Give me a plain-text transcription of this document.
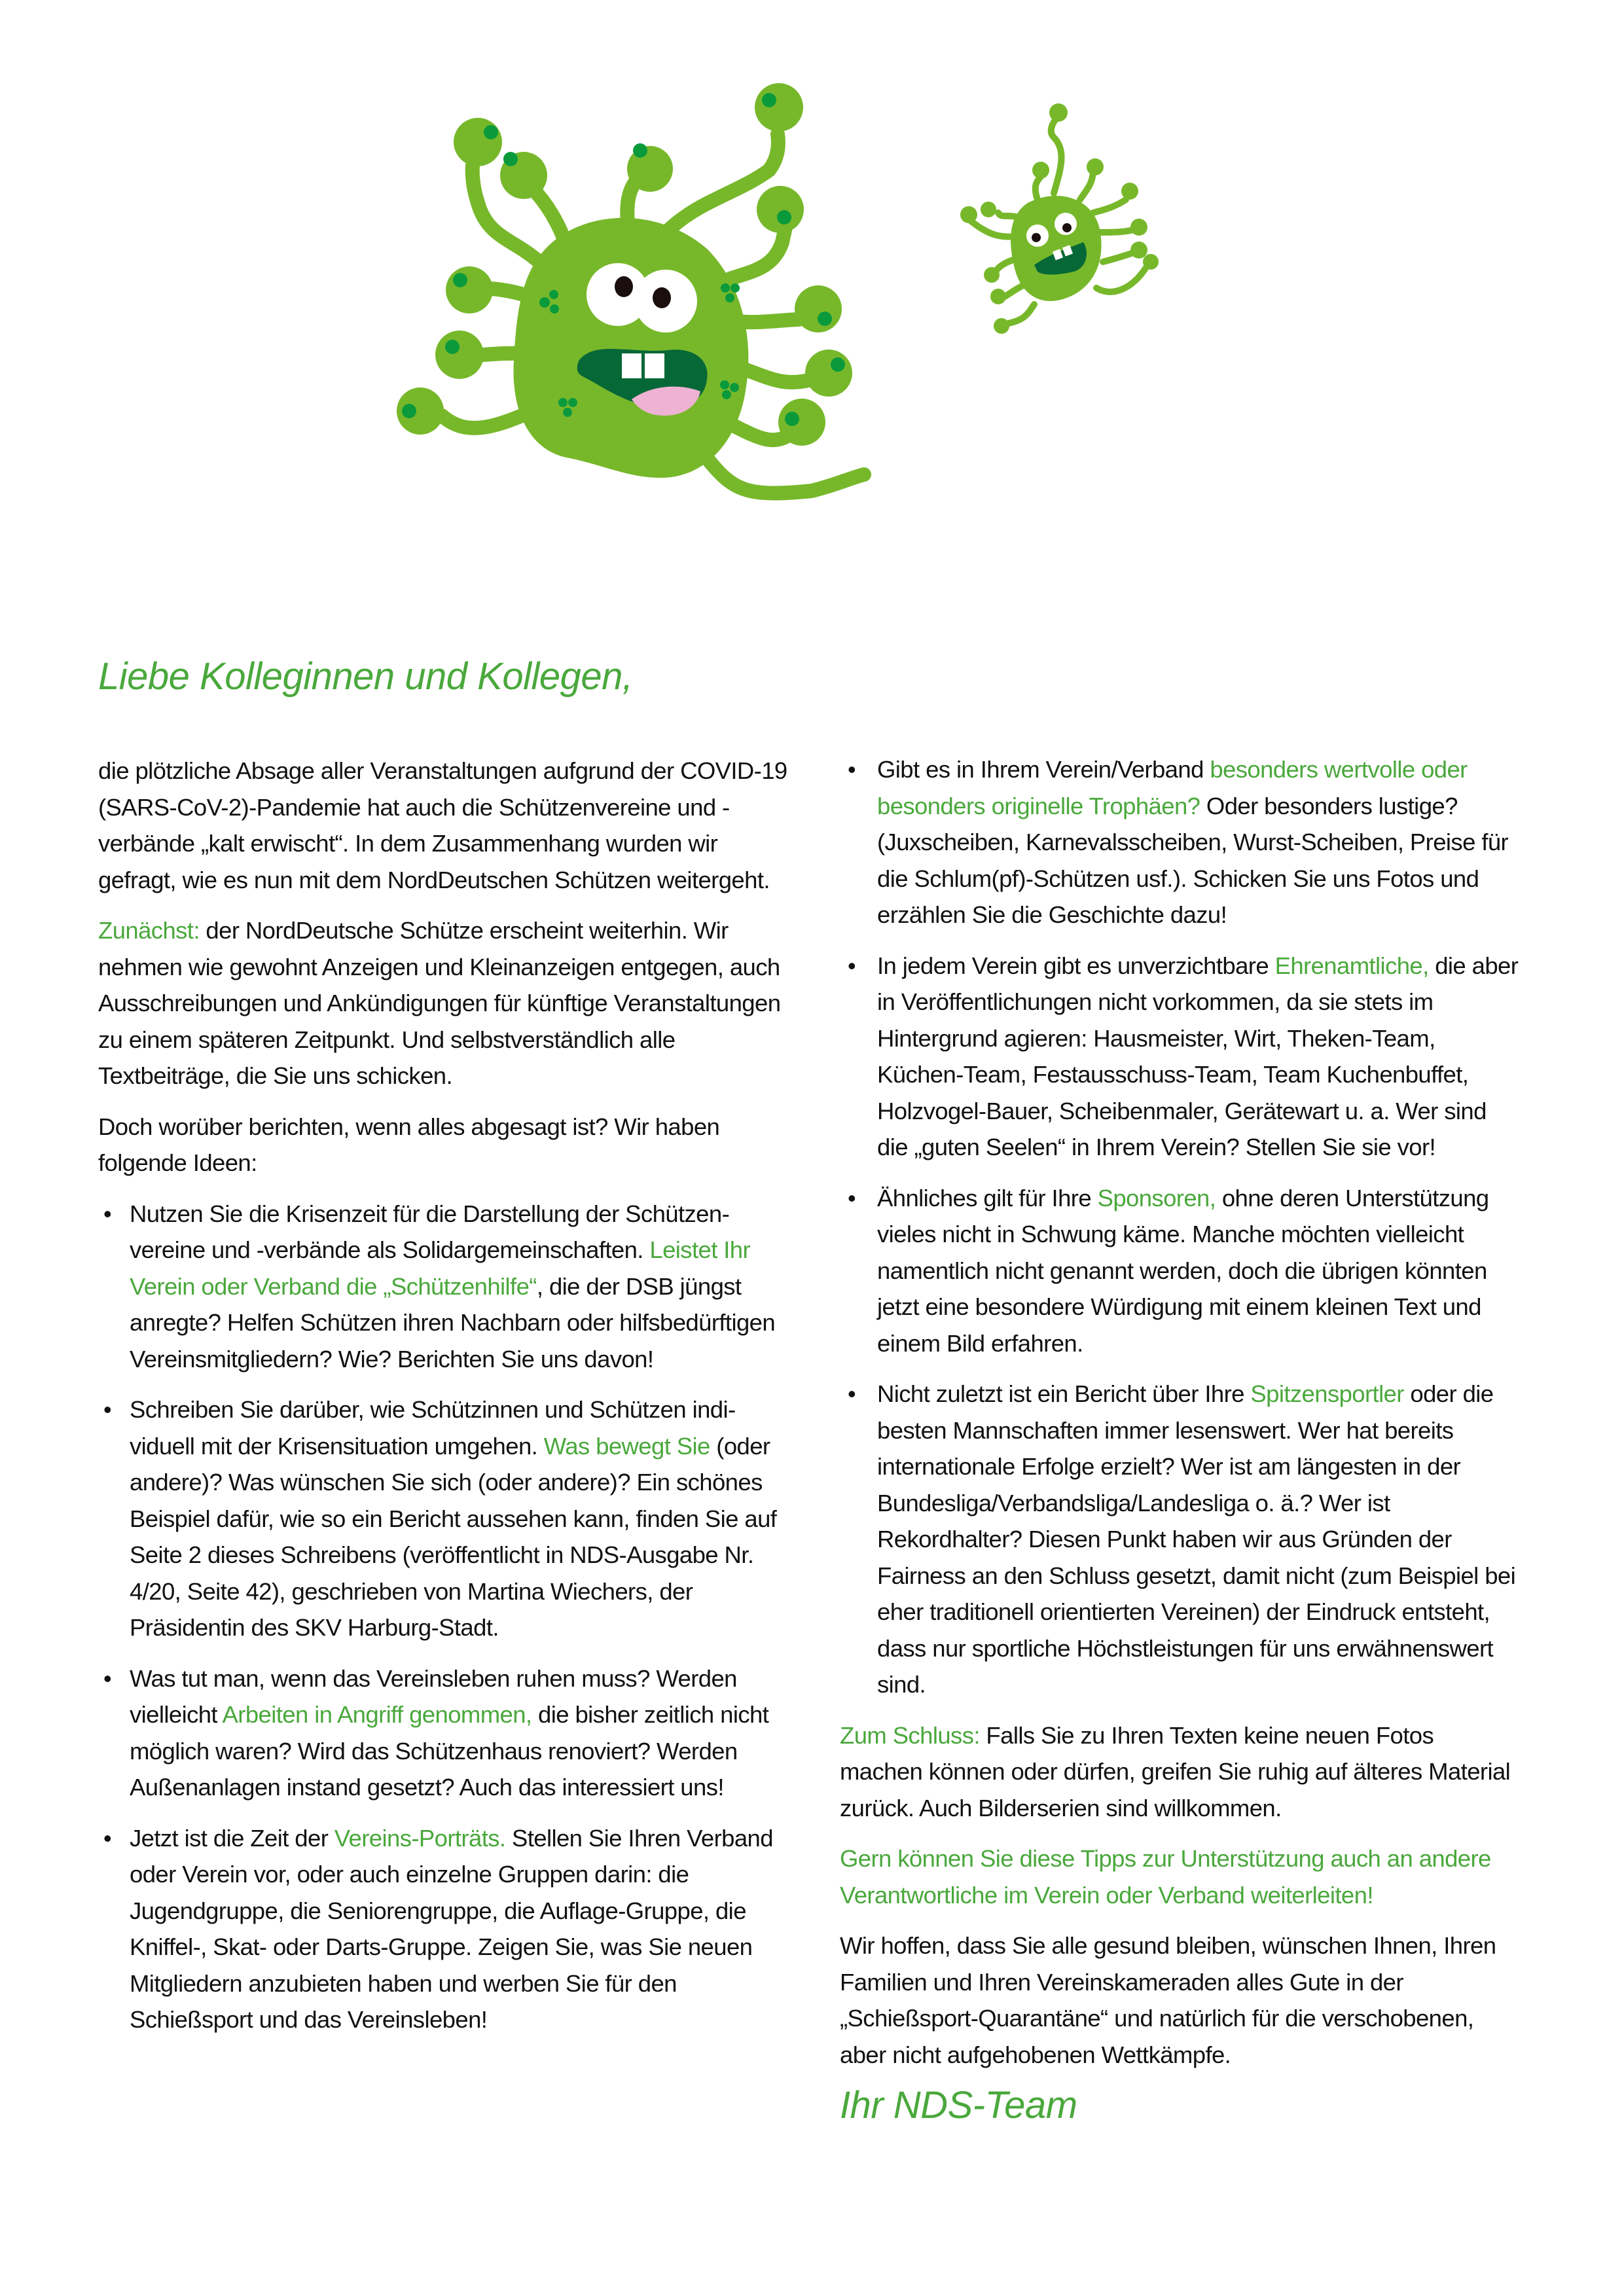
Liebe Kolleginnen und Kollegen,

die plötzliche Absage aller Veranstaltungen aufgrund der COVID-19 (SARS-CoV-2)-Pandemie hat auch die Schützenvereine und -verbände „kalt erwischt“. In dem Zusammenhang wurden wir gefragt, wie es nun mit dem NordDeutschen Schützen weitergeht.

Zunächst: der NordDeutsche Schütze erscheint weiterhin. Wir nehmen wie gewohnt Anzeigen und Kleinanzeigen entgegen, auch Ausschreibungen und Ankündigungen für künftige Veranstaltungen zu einem späteren Zeitpunkt. Und selbstverständlich alle Textbeiträge, die Sie uns schicken.

Doch worüber berichten, wenn alles abgesagt ist? Wir haben folgende Ideen:

• Nutzen Sie die Krisenzeit für die Darstellung der Schützenvereine und -verbände als Solidargemeinschaften. Leistet Ihr Verein oder Verband die „Schützenhilfe“, die der DSB jüngst anregte? Helfen Schützen ihren Nachbarn oder hilfsbedürftigen Vereinsmitgliedern? Wie? Berichten Sie uns davon!
• Schreiben Sie darüber, wie Schützinnen und Schützen individuell mit der Krisensituation umgehen. Was bewegt Sie (oder andere)? Was wünschen Sie sich (oder andere)? Ein schönes Beispiel dafür, wie so ein Bericht aussehen kann, finden Sie auf Seite 2 dieses Schreibens (veröffentlicht in NDS-Ausgabe Nr. 4/20, Seite 42), geschrieben von Martina Wiechers, der Präsidentin des SKV Harburg-Stadt.
• Was tut man, wenn das Vereinsleben ruhen muss? Werden vielleicht Arbeiten in Angriff genommen, die bisher zeitlich nicht möglich waren? Wird das Schützenhaus renoviert? Werden Außenanlagen instand gesetzt? Auch das interessiert uns!
• Jetzt ist die Zeit der Vereins-Porträts. Stellen Sie Ihren Verband oder Verein vor, oder auch einzelne Gruppen darin: die Jugendgruppe, die Seniorengruppe, die Auflage-Gruppe, die Kniffel-, Skat- oder Darts-Gruppe. Zeigen Sie, was Sie neuen Mitgliedern anzubieten haben und werben Sie für den Schießsport und das Vereinsleben!
• Gibt es in Ihrem Verein/Verband besonders wertvolle oder besonders originelle Trophäen? Oder besonders lustige? (Juxscheiben, Karnevalsscheiben, Wurst-Scheiben, Preise für die Schlum(pf)-Schützen usf.). Schicken Sie uns Fotos und erzählen Sie die Geschichte dazu!
• In jedem Verein gibt es unverzichtbare Ehrenamtliche, die aber in Veröffentlichungen nicht vorkommen, da sie stets im Hintergrund agieren: Hausmeister, Wirt, Theken-Team, Küchen-Team, Festausschuss-Team, Team Kuchenbuffet, Holzvogel-Bauer, Scheibenmaler, Gerätewart u. a. Wer sind die „guten Seelen“ in Ihrem Verein? Stellen Sie sie vor!
• Ähnliches gilt für Ihre Sponsoren, ohne deren Unterstützung vieles nicht in Schwung käme. Manche möchten vielleicht namentlich nicht genannt werden, doch die übrigen könnten jetzt eine besondere Würdigung mit einem kleinen Text und einem Bild erfahren.
• Nicht zuletzt ist ein Bericht über Ihre Spitzensportler oder die besten Mannschaften immer lesenswert. Wer hat bereits internationale Erfolge erzielt? Wer ist am längesten in der Bundesliga/Verbandsliga/Landesliga o. ä.? Wer ist Rekordhalter? Diesen Punkt haben wir aus Gründen der Fairness an den Schluss gesetzt, damit nicht (zum Beispiel bei eher traditionell orientierten Vereinen) der Eindruck entsteht, dass nur sportliche Höchstleistungen für uns erwähnenswert sind.

Zum Schluss: Falls Sie zu Ihren Texten keine neuen Fotos machen können oder dürfen, greifen Sie ruhig auf älteres Material zurück. Auch Bilderserien sind willkommen.

Gern können Sie diese Tipps zur Unterstützung auch an andere Verantwortliche im Verein oder Verband weiterleiten!

Wir hoffen, dass Sie alle gesund bleiben, wünschen Ihnen, Ihren Familien und Ihren Vereinskameraden alles Gute in der „Schießsport-Quarantäne“ und natürlich für die verschobenen, aber nicht aufgehobenen Wettkämpfe.

Ihr NDS-Team
